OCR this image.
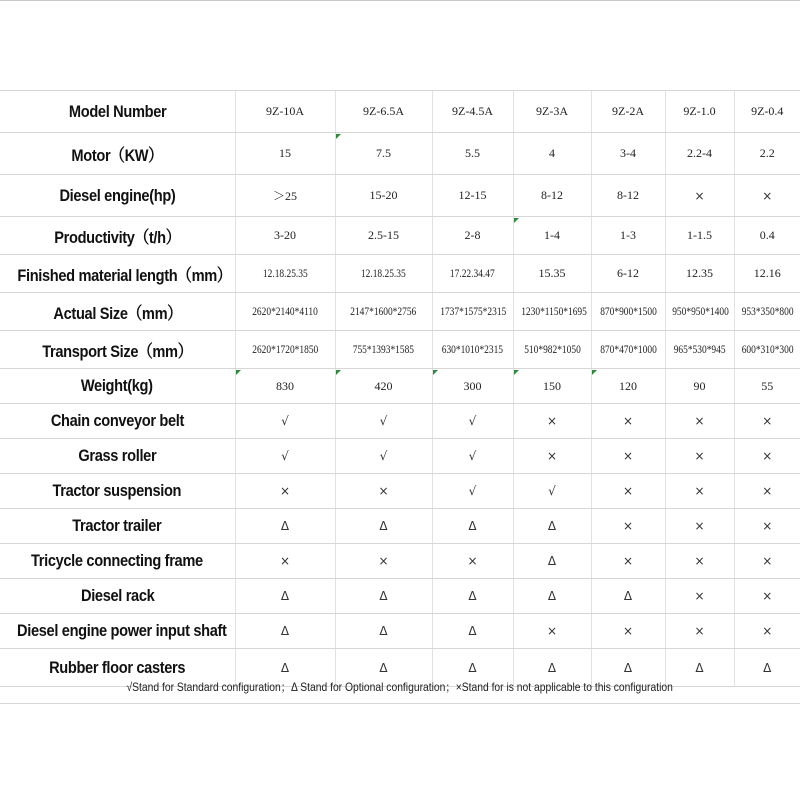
Model Number	9Z-10A	9Z-6.5A	9Z-4.5A	9Z-3A	9Z-2A	9Z-1.0	9Z-0.4
Motor（KW）	15	7.5	5.5	4	3-4	2.2-4	2.2
Diesel engine(hp)	＞25	15-20	12-15	8-12	8-12	×	×
Productivity（t/h）	3-20	2.5-15	2-8	1-4	1-3	1-1.5	0.4
Finished material length（mm）	12.18.25.35	12.18.25.35	17.22.34.47	15.35	6-12	12.35	12.16
Actual Size（mm）	2620*2140*4110	2147*1600*2756	1737*1575*2315	1230*1150*1695	870*900*1500	950*950*1400	953*350*800
Transport Size（mm）	2620*1720*1850	755*1393*1585	630*1010*2315	510*982*1050	870*470*1000	965*530*945	600*310*300
Weight(kg)	830	420	300	150	120	90	55
Chain conveyor belt	√	√	√	×	×	×	×
Grass roller	√	√	√	×	×	×	×
Tractor suspension	×	×	√	√	×	×	×
Tractor trailer	Δ	Δ	Δ	Δ	×	×	×
Tricycle connecting frame	×	×	×	Δ	×	×	×
Diesel rack	Δ	Δ	Δ	Δ	Δ	×	×
Diesel engine power input shaft	Δ	Δ	Δ	×	×	×	×
Rubber floor casters	Δ	Δ	Δ	Δ	Δ	Δ	Δ
√Stand for Standard configuration；Δ Stand for Optional configuration；×Stand for is not applicable to this configuration
